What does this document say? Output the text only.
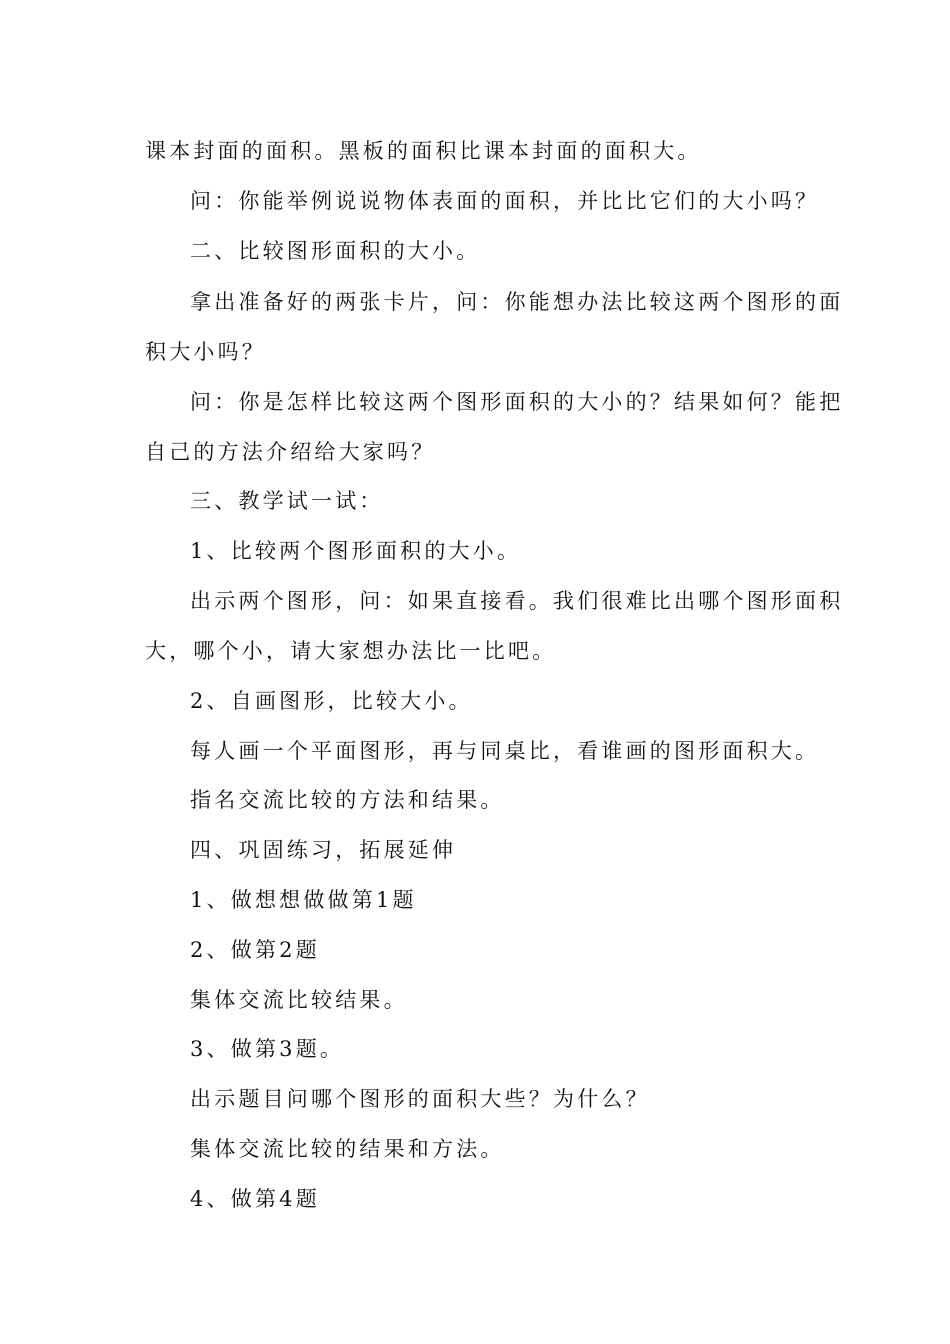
课本封面的面积。黑板的面积比课本封面的面积大。
问：你能举例说说物体表面的面积，并比比它们的大小吗？
二、比较图形面积的大小。
拿出准备好的两张卡片，问：你能想办法比较这两个图形的面
积大小吗？
问：你是怎样比较这两个图形面积的大小的？结果如何？能把
自己的方法介绍给大家吗？
三、教学试一试：
1、比较两个图形面积的大小。
出示两个图形，问：如果直接看。我们很难比出哪个图形面积
大，哪个小，请大家想办法比一比吧。
2、自画图形，比较大小。
每人画一个平面图形，再与同桌比，看谁画的图形面积大。
指名交流比较的方法和结果。
四、巩固练习，拓展延伸
1、做想想做做第1题
2、做第2题
集体交流比较结果。
3、做第3题。
出示题目问哪个图形的面积大些？为什么？
集体交流比较的结果和方法。
4、做第4题
